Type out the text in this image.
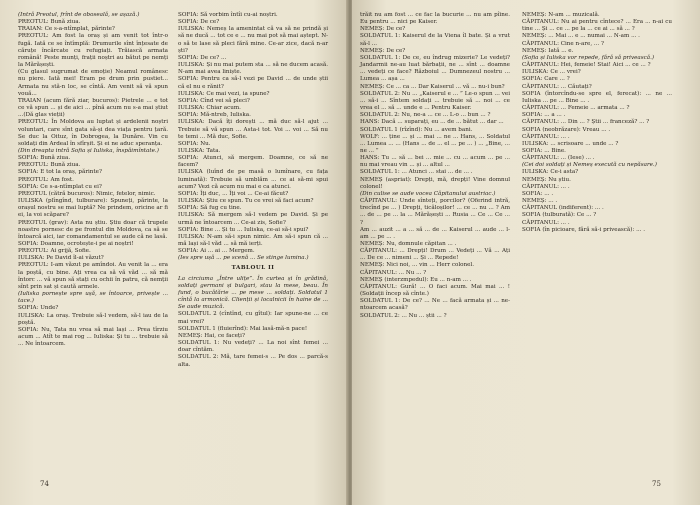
(Intră Preotul, frînt de oboseală, se așază.)

PREOTUL: Bună ziua.

TRAIAN: Ce s-a-ntîmplat, părinte?

PREOTUL: Am fost la oraș și am venit tot într-o fugă. Iată ce se întîmplă: Drumurile sînt înțesate de căruțe încărcate cu refugiați. Trăiască armata română! Peste munți, frații noștri au bătut pe nemți la Mărășești.

(Cu glasul sugrumat de emoție) Neamul românesc nu piere. Iată mei! Eram pe drum prin pustiet... Armata nu stă-n loc, se cîntă. Am venit să vă spun vouă...

TRAIAN (acum fără ziar, bucuros): Pietrele ... e tot ce vă spun ... și de aici ... pînă acum nu s-a mai știut ...(Dă glas vieții)

PREOTUL: În Moldova au luptat și ardelenii noștri voluntari, care sînt gata să-și dea viața pentru țară. Se duc la Oituz, în Dobrogea, la Dunăre. Vin cu soldați din Ardeal în sfîrșit. Și ei ne aduc speranța.

(Din dreapta intră Sofia și Iuliska, înspăimîntate.)

SOFIA: Bună ziua.

PREOTUL: Bună ziua.

SOFIA: E tot la oraș, părinte?

PREOTUL: Am fost.

SOFIA: Ce s-a-ntîmplat cu ei?

PREOTUL (cătră bucuros): Nimic, fetelor, nimic.

IULISKA (plîngînd, tulburare): Spuneți, părinte, la orașul nostru se mai luptă? Ne prindem, oricine ar fi ei, la voi scăpare?

PREOTUL (grav): Asta nu știu. Știu doar că trupele noastre pornesc de pe frontul din Moldova, ca să se întoarcă aici, iar comandamentul se aude că ne lasă.

SOFIA: Doamne, ocrotește-i pe ai noștri!

PREOTUL: Ai grijă, Sofie.

IULISKA: Pe David îl-ai văzut?

PREOTUL: I-am văzut pe amîndoi. Au venit la ... era la poștă, cu bine. Ați vrea ca să vă văd ... să mă întorc ... vă spun să stați cu ochii în patru, că nemții sînt prin sat și caută armele.

(Iuliska pornește spre ușă, se întoarce, privește ... tace.)

SOFIA: Unde?

IULISKA: La oraș. Trebuie să-l vedem, să-l iau de la poștă.

SOFIA: Nu, Tata nu vrea să mai lași ... Prea tîrziu acum ... Atît te mai rog ... Iuliska: Și tu ... trebuie să ... Ne întoarcem.

SOFIA: Să vorbim întîi cu-ai noștri.

SOFIA: De ce?

IULISKA: Nemeș la amenintat că va să ne prindă și să ne ducă ... tot ce e ... nu mai pot să mai aștept. N-o să te lase să pleci fără mine. Ce-ar zice, dacă n-ar ști?

SOFIA: De ce? ...

IULISKA: Și nu mai putem sta ... să ne ducem acasă. N-am mai avea liniște.

SOFIA: Pentru ca să-l vezi pe David ... de unde știi că el nu e rănit?

IULISKA: Ce mai vezi, ia spune?

SOFIA: Cînd vei să pleci?

IULISKA: Chiar acum.

SOFIA: Mă-ntreb, Iuliska.

IULISKA: Dacă îți dorești ... mă duc să-l ajut ... Trebuie să vă spun ... Asta-i tot. Voi ... voi ... Să nu te temi ... Mă duc, Sofie.

SOFIA: Nu.

IULISKA: Tata.

SOFIA: Atunci, să mergem. Doamne, ce să ne facem?

IULISKA (luînd de pe masă o lumînare, cu fața luminată): Trebuie să umblăm ... ce ai să-mi spui acum? Vezi că acum nu mai e ca atunci.

SOFIA: Îți duc, ... Îți voi ... Ce-ai făcut?

IULISKA: Știu ce spun. Tu ce vrei să faci acum?

SOFIA: Să fug cu tine.

IULISKA: Să mergem să-l vedem pe David. Și pe urmă ne întoarcem ... Ce-ai zis, Sofie?

SOFIA: Bine ... Și tu ... Iuliska, ce-ai să-i spui?

IULISKA: N-am să-i spun nimic. Am să-i spun că ... mă lași să-l văd ... să mă ierți.

SOFIA: Ai ... ai ... Mergem.

(Ies spre ușă ... pe scenă ... Se stinge lumina.)

TABLOUL II

La circiuma „Între ulițe”. În curtea și în grădină, soldați germani și bulgari, stau la mese, beau. În fund, o bucătărie ... pe mese ... soldați. Soldatul 1 cîntă la armonică. Clienții și localnicii în haine de ... Se aude muzică.

SOLDATUL 2 (cîntînd, cu gîtul): Iar spune-ne ... ce mai vrei?

SOLDATUL 1 (fluierînd): Mai lasă-mă-n pace!

NEMEȘ: Hai, ce faceți?

SOLDATUL 1: Nu vedeți? ... La noi sînt femei ... doar cîntăm.

SOLDATUL 2: Mă, tare femei-s ... Pe dos ... parcă-s alta.

74

trăit nu am fost ... ce fac la bucurie ... nu am pîine. Eu pentru ... nici pe Kaiser.

NEMEȘ: De ce?

SOLDATUL 1: Kaiserul de la Viena îl bate. Și a vrut să-l ...

NEMEȘ: De ce?

SOLDATUL 1: De ce, eu îndrug mizerie? Le vedeți? Jandarmii ne-au luat bărbații, ne ... sînt ... doamne ... vedeți ce face? Războiul ... Dumnezeul nostru ... Lumea ... așa ...

NEMEȘ: Ce ... ca ... Dar Kaiserul ... vă ... nu-i bun?

SOLDATUL 2: Nu ... „Kaiserul e ... ” Le-o spun ... vei ... să-i ... Sîntem soldați ... trebuie să ... noi ... ce vrea el ... să ... unde e ... Pentru Kaiser.

SOLDATUL 2: Nu, ne-a ... ce ... L-o ... bun ... ?

HANS: Dacă ... suparați, eu ... de ... bătut ... dar ...

SOLDATUL 1 (rîzînd): Nu ... avem bani.

WOLF: ... ține ... și ... mai ... ne ... Hans, ... Soldatul ... Lumea ... ... (Hans ... de ... el ... pe ... ) ... „Bine, ... ne ... ”

HANS: Tu ... să ... bei ... mie ... cu ... acum ... pe ... nu mai vreau vin ... și ... altul ...

SOLDATUL 1: ... Atunci ... stai ... de ... .

NEMEȘ (aspriat): Drepți, mă, drepți! Vine domnul colonel!

(Din culise se aude vocea Căpitanului austriac.)

CĂPITANUL: Unde sînteți, porcilor? (Oferind intră, trecînd pe ... ) Drepți, ticăloșilor! ... ce ... nu ... ? Am ... de ... pe ... la ... Mărășești ... Rusia ... Ce ... Ce ... ?

Am ... auzit ... a ... să ... de ... Kaiserul ... aude ... l-am ... pe ... .

NEMEȘ: Nu, domnule căpitan ... .

CĂPITANUL: ... Drepți! Drum ... Vedeți ... Vă ... Ați ... De ce ... nimeni ... Și ... Repede!

NEMEȘ: Nici noi, ... vin ... Herr colonel.

CĂPITANUL: ... Nu ... ?

NEMEȘ (interzmpedul): Eu ... n-am ... .

CĂPITANUL: Gură! ... O faci acum. Mai mai ... ! (Soldații încep să cînte.)

SOLDATUL 1: De ce? ... Ne ... facă armata și ... ne-ntoarcem acasă?

SOLDATUL 2: ... Nu ... știi ... ?

NEMEȘ: N-am ... muzicală.

CĂPITANUL: Nu ai pentru cîntece? ... Era ... n-ai cu tine ... Și ... ce ... pe la ... ce ai ... să ... ?

NEMEȘ: ... Mai ... e ... numai ... N-am ... .

CĂPITANUL: Cine n-are, ... ?

NEMEȘ: Iată ... e.

(Sofia și Iuliska vor repede, fără să privească.)

CĂPITANUL: Hei, femeie! Stai! Aici ... ce ... ?

IULISKA: Ce ... vrei?

SOFIA: Care ... ?

CĂPITANUL: ... Căutați?

SOFIA (întorcîndu-se spre el, ferecat): ... ne ... Iuliska ... pe ... Bine ... .

CĂPITANUL: ... Femeie ... armata ... ?

SOFIA: ... a ... .

CĂPITANUL: ... Din ... ? Știi ... franceză? ... ?

SOFIA (neobrăzare): Vreau ... .

CĂPITANUL: ... .

IULISKA: ... scrisoare ... unde ... ?

SOFIA: ... Bine.

CĂPITANUL: ... (Iese) ... .

(Cei doi soldați și Nemeș execută cu nepăsare.)

IULISKA: Ce-i asta?

NEMEȘ: Nu știu.

CĂPITANUL: ... .

SOFIA: ... .

NEMEȘ: ... .

CĂPITANUL (indiferent): ... .

SOFIA (tulburată): Ce ... ?

CĂPITANUL: ... .

SOFIA (în picioare, fără să-i privească): ... .

75
